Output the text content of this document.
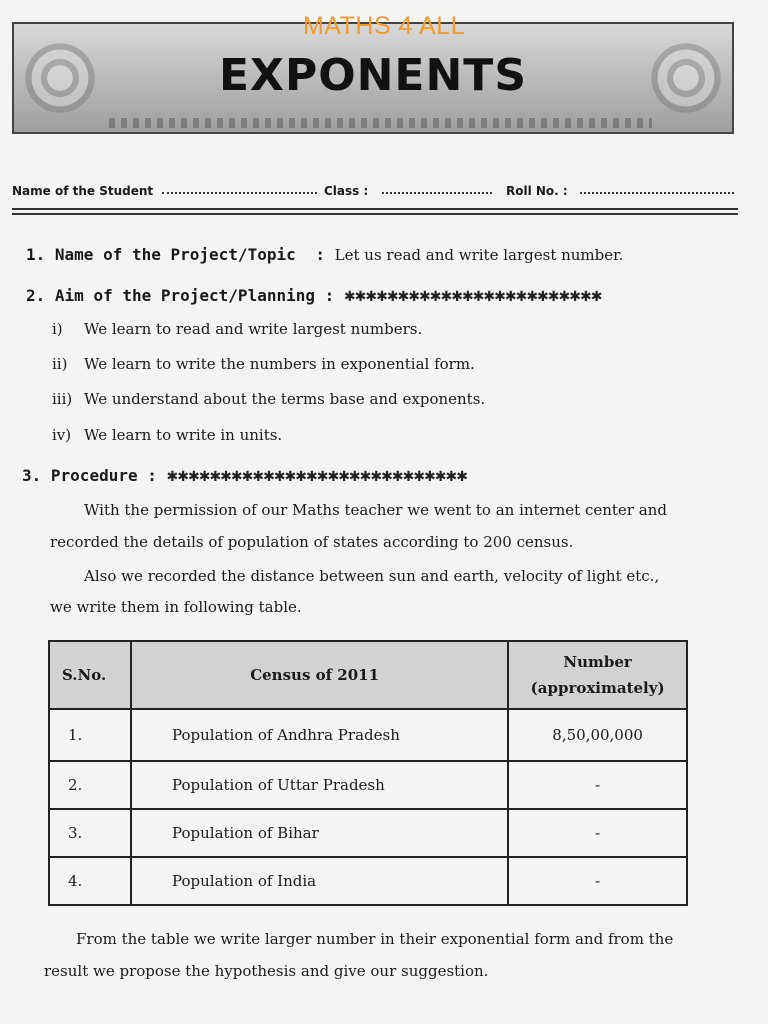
MATHS 4 ALL
EXPONENTS
Name of the Student	Class :	Roll No. :
1. Name of the Project/Topic : Let us read and write largest number.
2. Aim of the Project/Planning : ✱✱✱✱✱✱✱✱✱✱✱✱✱✱✱✱✱✱✱✱✱✱✱✱
i) We learn to read and write largest numbers.
ii) We learn to write the numbers in exponential form.
iii) We understand about the terms base and exponents.
iv) We learn to write in units.
3. Procedure : ✱✱✱✱✱✱✱✱✱✱✱✱✱✱✱✱✱✱✱✱✱✱✱✱✱✱✱✱
With the permission of our Maths teacher we went to an internet center and
recorded the details of population of states according to 200 census.
Also we recorded the distance between sun and earth, velocity of light etc.,
we write them in following table.
S.No.	Census of 2011	Number
(approximately)

1.	Population of Andhra Pradesh	8,50,00,000
2.	Population of Uttar Pradesh	-
3.	Population of Bihar	-
4.	Population of India	-
From the table we write larger number in their exponential form and from the
result we propose the hypothesis and give our suggestion.
